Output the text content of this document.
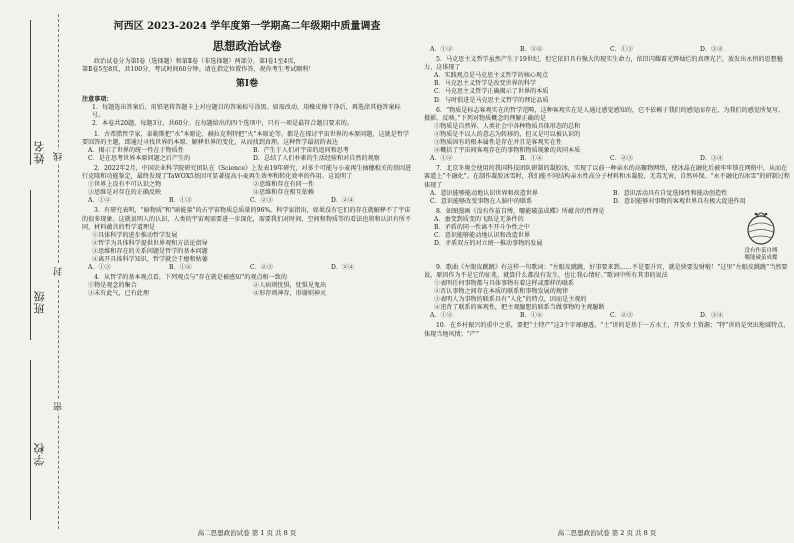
姓名
班级
学校
线
封
密
河西区 2023-2024 学年度第一学期高二年级期中质量调查
思想政治试卷

政治试卷分为第Ⅰ卷（选择题）和第Ⅱ卷（非选择题）两部分，第Ⅰ卷1至4页，

第Ⅱ卷5至8页，共100分，考试时间60分钟。请在指定位置作答，祝你考生考试顺利！

第Ⅰ卷

注意事项：

1．每题选出答案后，用铅笔将答题卡上对应题目的答案标号涂黑。如需改动，用橡皮擦干净后，再选涂其他答案标号。

2．本卷共20题，每题3分，共60分。在每题给出的四个选项中，只有一项是最符合题目要求的。

1．古希腊哲学家，泰勒斯把“水”本原论，赫拉克利特把“火”本原论等，都是在探讨宇宙世界的本原问题，这就是哲学要回答的主题，即通过寻找世界的本原、解释世界的变化，从而找到真理。这种哲学最初的表达

A．揭示了世界的统一性在于物质性	B．产生于人们对宇宙的追问和思考
C．是在思考世界本原问题之后产生的	D．总结了人们朴素的生活经验和对自然的观察

2．2022年2月，中国农业科学院研究团队在《Science》上发表19年研究，对多个可能与小麦再生抽穗相关的基因进行克隆和功能鉴定，最终发现了TaWOX5基因可显著提高小麦再生效率和转化效率的作用。这说明了

①世界上没有不可认识之物	②思维和存在有同一性
③思维是对存在的正确反映	④思维和存在相互依赖
A．①②	B．①③	C．②③	D．②④

3．有研究表明，“暗物质”和“暗能量”的占宇宙物质总质量的96%。科学家指出，如果没有它们的存在就解释不了宇宙的很多现象。这就说明人的认识，人类的宇宙观需要进一步深化，需要我们对时间、空间和物质等的看法也将和认识有所不同，材料蕴含的哲学道理是

①具体科学的进步推动哲学发展
②哲学为具体科学提供世界观和方法论指导
③思维和存在的关系问题是哲学的基本问题
④离开具体科学知识，哲学就会干瘪和枯萎
A．①③	B．①④	C．②③	D．②④

4．从哲学的基本观点看，下列观点与“存在就是被感知”的观点相一致的

①物是观念的集合	②人病则忧惧，忧惧见鬼出
③未有此气，已有此理	④形存则神存，形谢则神灭
高二思想政治试卷 第 1 页 共 8 页
A．①②	B．②④	C．①③	D．③④

5．马克思主义哲学虽然产生于19世纪，但它依旧具有强大的现实生命力，依旧闪耀着光辉灿烂的真理光芒，放发出永恒的思想魅力，这体现了

A．实践观点是马克思主义哲学的核心观点
B．马克思主义哲学是改变世界的科学
C．马克思主义哲学正确揭示了世界的本质
D．与时俱进是马克思主义哲学的理论品质

6．“物质是标志客观实在的哲学范畴，这种客观实在是人通过感觉感知的，它不依赖于我们的感觉而存在，为我们的感觉所复写、摄影、反映。”下列对物质概念的理解正确的是

①物质是自然界、人类社会中各种物质具体形态的总和
②物质是不以人的意志为转移的，但又是可以被认识的
③物质固有的根本属性是存在并且是客观实在性
④概括了宇宙间客观存在的事物和物质现象的共同本质
A．①②	B．①④	C．②③	D．③④

7．北京冬奥会使用的我国科技团队研制的凝胶冰，实现了以前一种亲水的高聚物网络，使冰晶在融化后被牢牢锁在网格中，从而在赛道上“不融化”。在制作凝胶冰雪时，我们能不同结构亲水性高分子材料和水凝胶，无毒无害，自然环保。“永不融化的冰雪”的研制过程体现了

A．意识能够能动地认识世界和改造世界	B．意识活动具有自觉选择性和能动创造性
C．意识能够改变事物在人脑中的联系	D．意识能够对事物的客观世界具有极大促进作用
没有作茧自缚
哪能破茧成蝶

8．如图漫画《没有作茧自缚，哪能破茧成蝶》所蕴含的哲理是

A．蚕变到质变的飞跃是无条件的
B．矛盾的同一性离不开斗争性之中
C．意识能够能动地认识和改造世界
D．矛盾双方的对立统一推动事物的发展

9．歌曲《左眼皮跳跳》有这样一句歌词：“左眼皮跳跳，好事要来到……不是要升官，就是快要发财啦！”这里“左眼皮跳跳”当然要说，原因作为不是它的征兆，就算什么都没有发生，也让我心情好。”歌词中所有其事的说法

①表明任何事物都与具体事物有着这样或那样的联系
②否认事物之间存在本质的联系和事物发展的规律
③表明人为事物的联系具有“人化”的特点，因而是主观的
④违背了联系的客观性，把主观臆想的联系当做事物的主观臆断
A．①②	B．①④	C．②③	D．③④

10．在乡村振兴的重中之重，要把“土特产”这3个字琢磨透。“土”讲的是基于一方水土，开发乡土资源；“特”讲的是突出地域特点，体现当地风情；“产”

高二思想政治试卷 第 2 页 共 8 页
